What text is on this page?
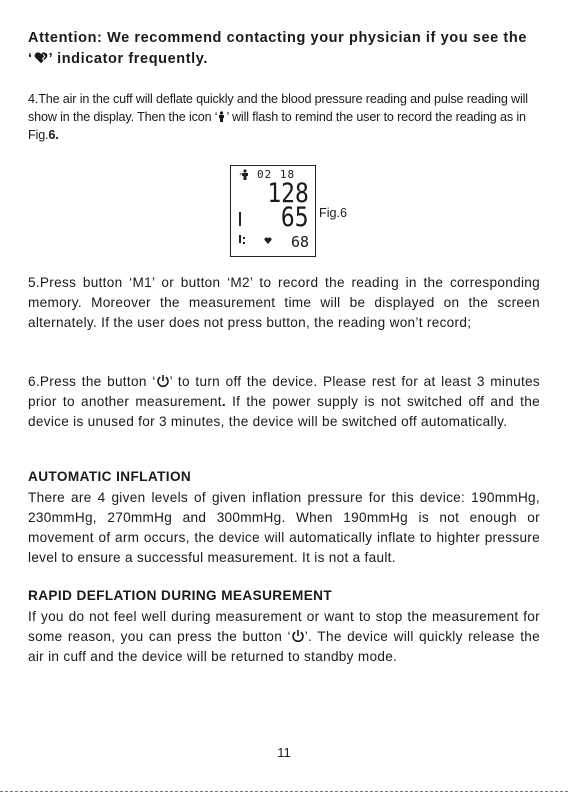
Attention: We recommend contacting your physician if you see the
‘ ’ indicator frequently.
4.The air in the cuff will deflate quickly and the blood pressure reading and pulse reading will show in the display. Then the icon ‘ ’ will flash to remind the user to record the reading as in Fig.6.
02 18
128
65
68
Fig.6
5.Press button ‘M1’ or button ‘M2’ to record the reading in the corresponding memory. Moreover the measurement time will be displayed on the screen alternately. If the user does not press button, the reading won’t record;
6.Press the button ‘ ’ to turn off the device. Please rest for at least 3 minutes prior to another measurement. If the power supply is not switched off and the device is unused for 3 minutes, the device will be switched off automatically.
AUTOMATIC INFLATION
There are 4 given levels of given inflation pressure for this device: 190mmHg, 230mmHg, 270mmHg and 300mmHg. When 190mmHg is not enough or movement of arm occurs, the device will automatically inflate to highter pressure level to ensure a successful measurement. It is not a fault.
RAPID DEFLATION DURING MEASUREMENT
If you do not feel well during measurement or want to stop the measurement for some reason, you can press the button ‘ ’. The device will quickly release the air in cuff and the device will be returned to standby mode.
11
